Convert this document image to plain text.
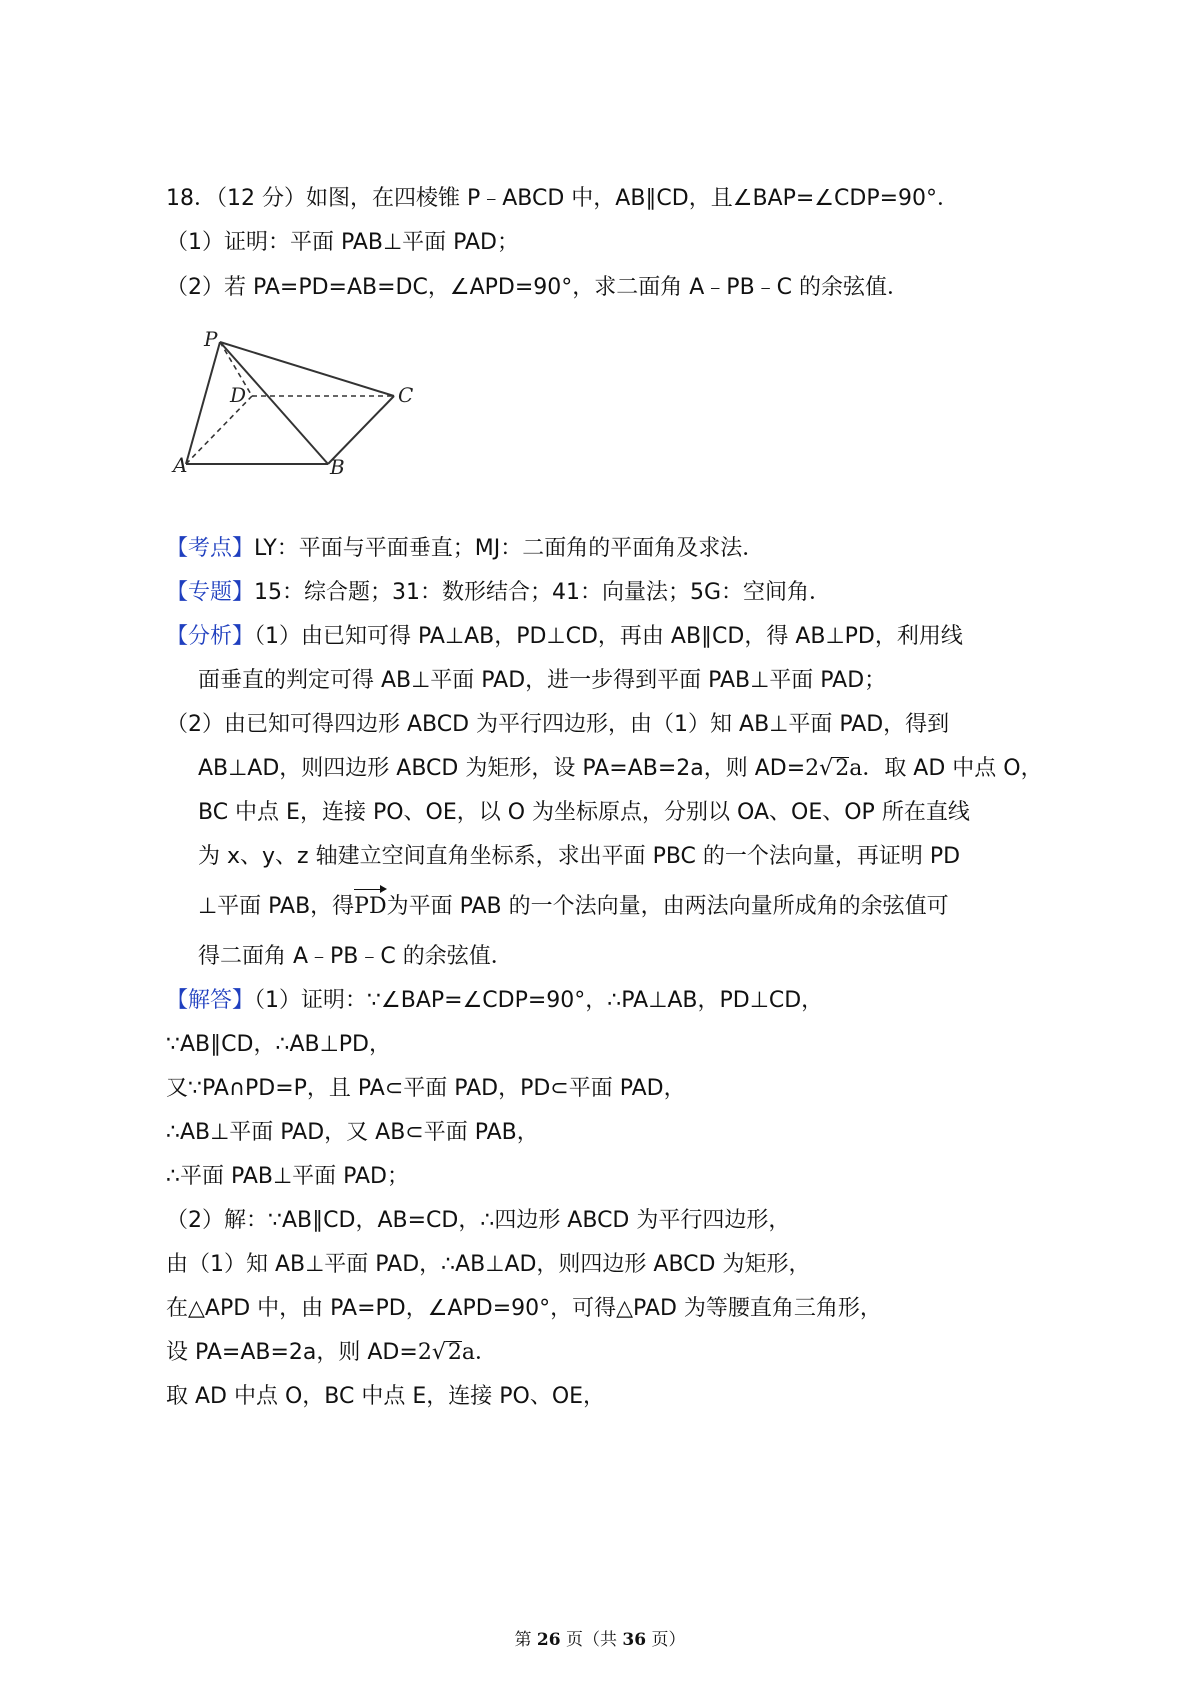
18．（12 分）如图，在四棱锥 P﹣ABCD 中，AB∥CD，且∠BAP=∠CDP=90°．
（1）证明：平面 PAB⊥平面 PAD；
（2）若 PA=PD=AB=DC，∠APD=90°，求二面角 A﹣PB﹣C 的余弦值．
P
D	C
A	B
【考点】LY：平面与平面垂直；MJ：二面角的平面角及求法．
【专题】15：综合题；31：数形结合；41：向量法；5G：空间角．
【分析】（1）由已知可得 PA⊥AB，PD⊥CD，再由 AB∥CD，得 AB⊥PD，利用线
面垂直的判定可得 AB⊥平面 PAD，进一步得到平面 PAB⊥平面 PAD；
（2）由已知可得四边形 ABCD 为平行四边形，由（1）知 AB⊥平面 PAD，得到
AB⊥AD，则四边形 ABCD 为矩形，设 PA=AB=2a，则 AD=2√2a．取 AD 中点 O，
BC 中点 E，连接 PO、OE，以 O 为坐标原点，分别以 OA、OE、OP 所在直线
为 x、y、z 轴建立空间直角坐标系，求出平面 PBC 的一个法向量，再证明 PD
⊥平面 PAB，得PD为平面 PAB 的一个法向量，由两法向量所成角的余弦值可
得二面角 A﹣PB﹣C 的余弦值．
【解答】（1）证明：∵∠BAP=∠CDP=90°，∴PA⊥AB，PD⊥CD，
∵AB∥CD，∴AB⊥PD，
又∵PA∩PD=P，且 PA⊂平面 PAD，PD⊂平面 PAD，
∴AB⊥平面 PAD，又 AB⊂平面 PAB，
∴平面 PAB⊥平面 PAD；
（2）解：∵AB∥CD，AB=CD，∴四边形 ABCD 为平行四边形，
由（1）知 AB⊥平面 PAD，∴AB⊥AD，则四边形 ABCD 为矩形，
在△APD 中，由 PA=PD，∠APD=90°，可得△PAD 为等腰直角三角形，
设 PA=AB=2a，则 AD=2√2a．
取 AD 中点 O，BC 中点 E，连接 PO、OE，
第 26 页（共 36 页）
